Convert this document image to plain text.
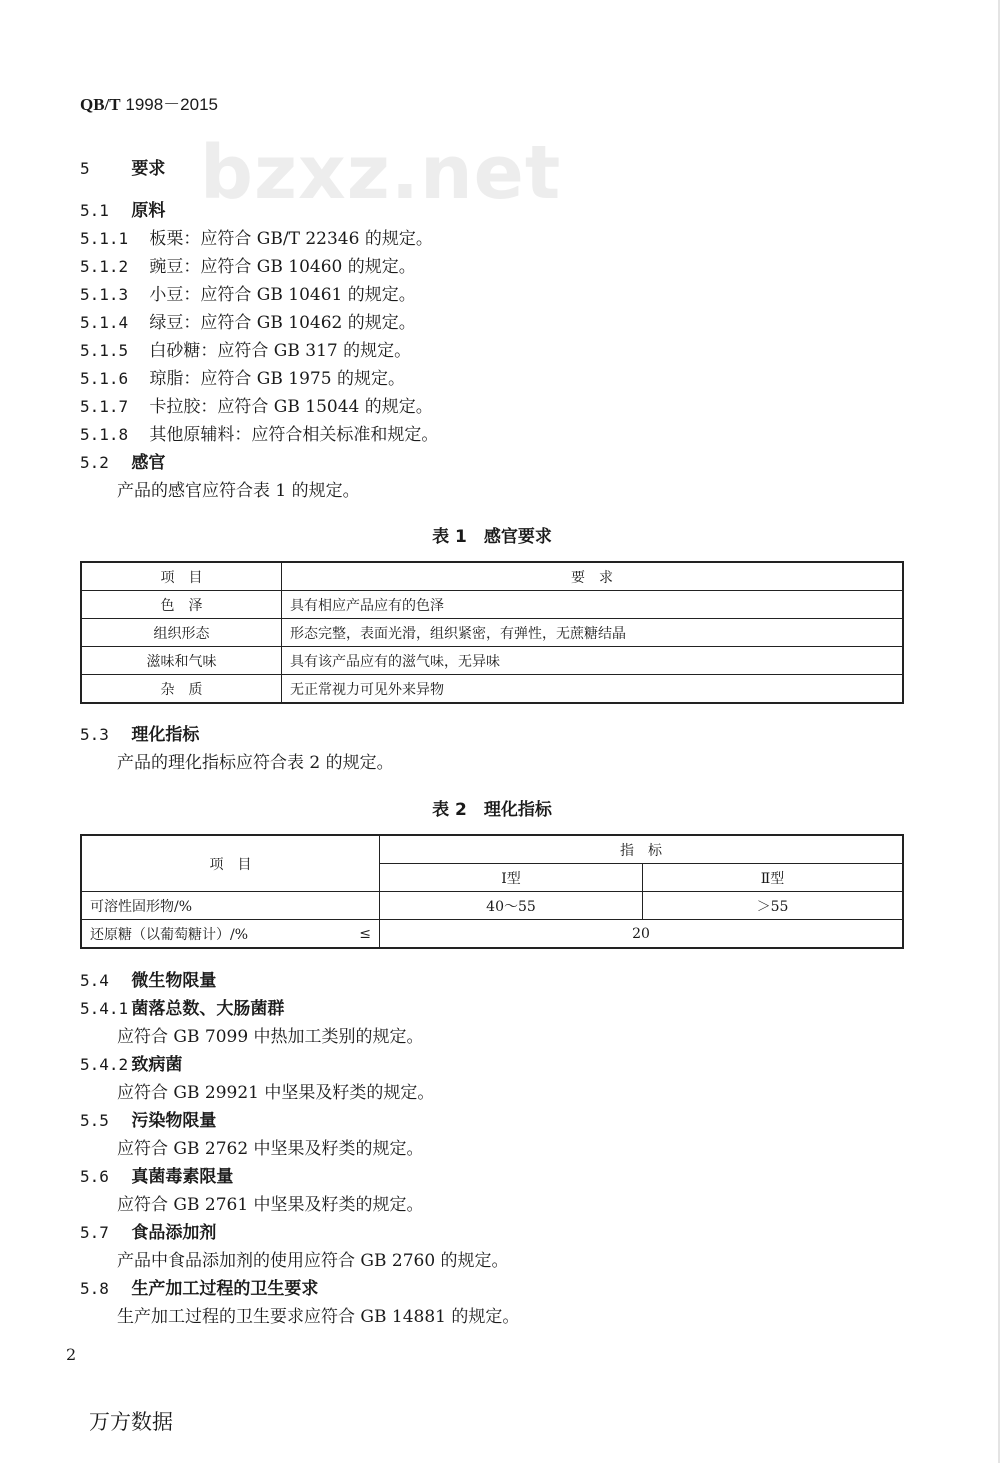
bzxz.net
QB/T 1998－2015
5 要求
5.1 原料
5.1.1 板栗：应符合 GB/T 22346 的规定。
5.1.2 豌豆：应符合 GB 10460 的规定。
5.1.3 小豆：应符合 GB 10461 的规定。
5.1.4 绿豆：应符合 GB 10462 的规定。
5.1.5 白砂糖：应符合 GB 317 的规定。
5.1.6 琼脂：应符合 GB 1975 的规定。
5.1.7 卡拉胶：应符合 GB 15044 的规定。
5.1.8 其他原辅料：应符合相关标准和规定。
5.2 感官
产品的感官应符合表 1 的规定。
表 1　感官要求
项　目	要　求
色　泽	具有相应产品应有的色泽
组织形态	形态完整，表面光滑，组织紧密，有弹性，无蔗糖结晶
滋味和气味	具有该产品应有的滋气味，无异味
杂　质	无正常视力可见外来异物
5.3 理化指标
产品的理化指标应符合表 2 的规定。
表 2　理化指标
项　目	指　标	
	Ⅰ型	Ⅱ型
可溶性固形物/%	40～55	＞55

还原糖（以葡萄糖计）/% ≤	20	
5.4 微生物限量
5.4.1 菌落总数、大肠菌群
应符合 GB 7099 中热加工类别的规定。
5.4.2 致病菌
应符合 GB 29921 中坚果及籽类的规定。
5.5 污染物限量
应符合 GB 2762 中坚果及籽类的规定。
5.6 真菌毒素限量
应符合 GB 2761 中坚果及籽类的规定。
5.7 食品添加剂
产品中食品添加剂的使用应符合 GB 2760 的规定。
5.8 生产加工过程的卫生要求
生产加工过程的卫生要求应符合 GB 14881 的规定。
2
万方数据
